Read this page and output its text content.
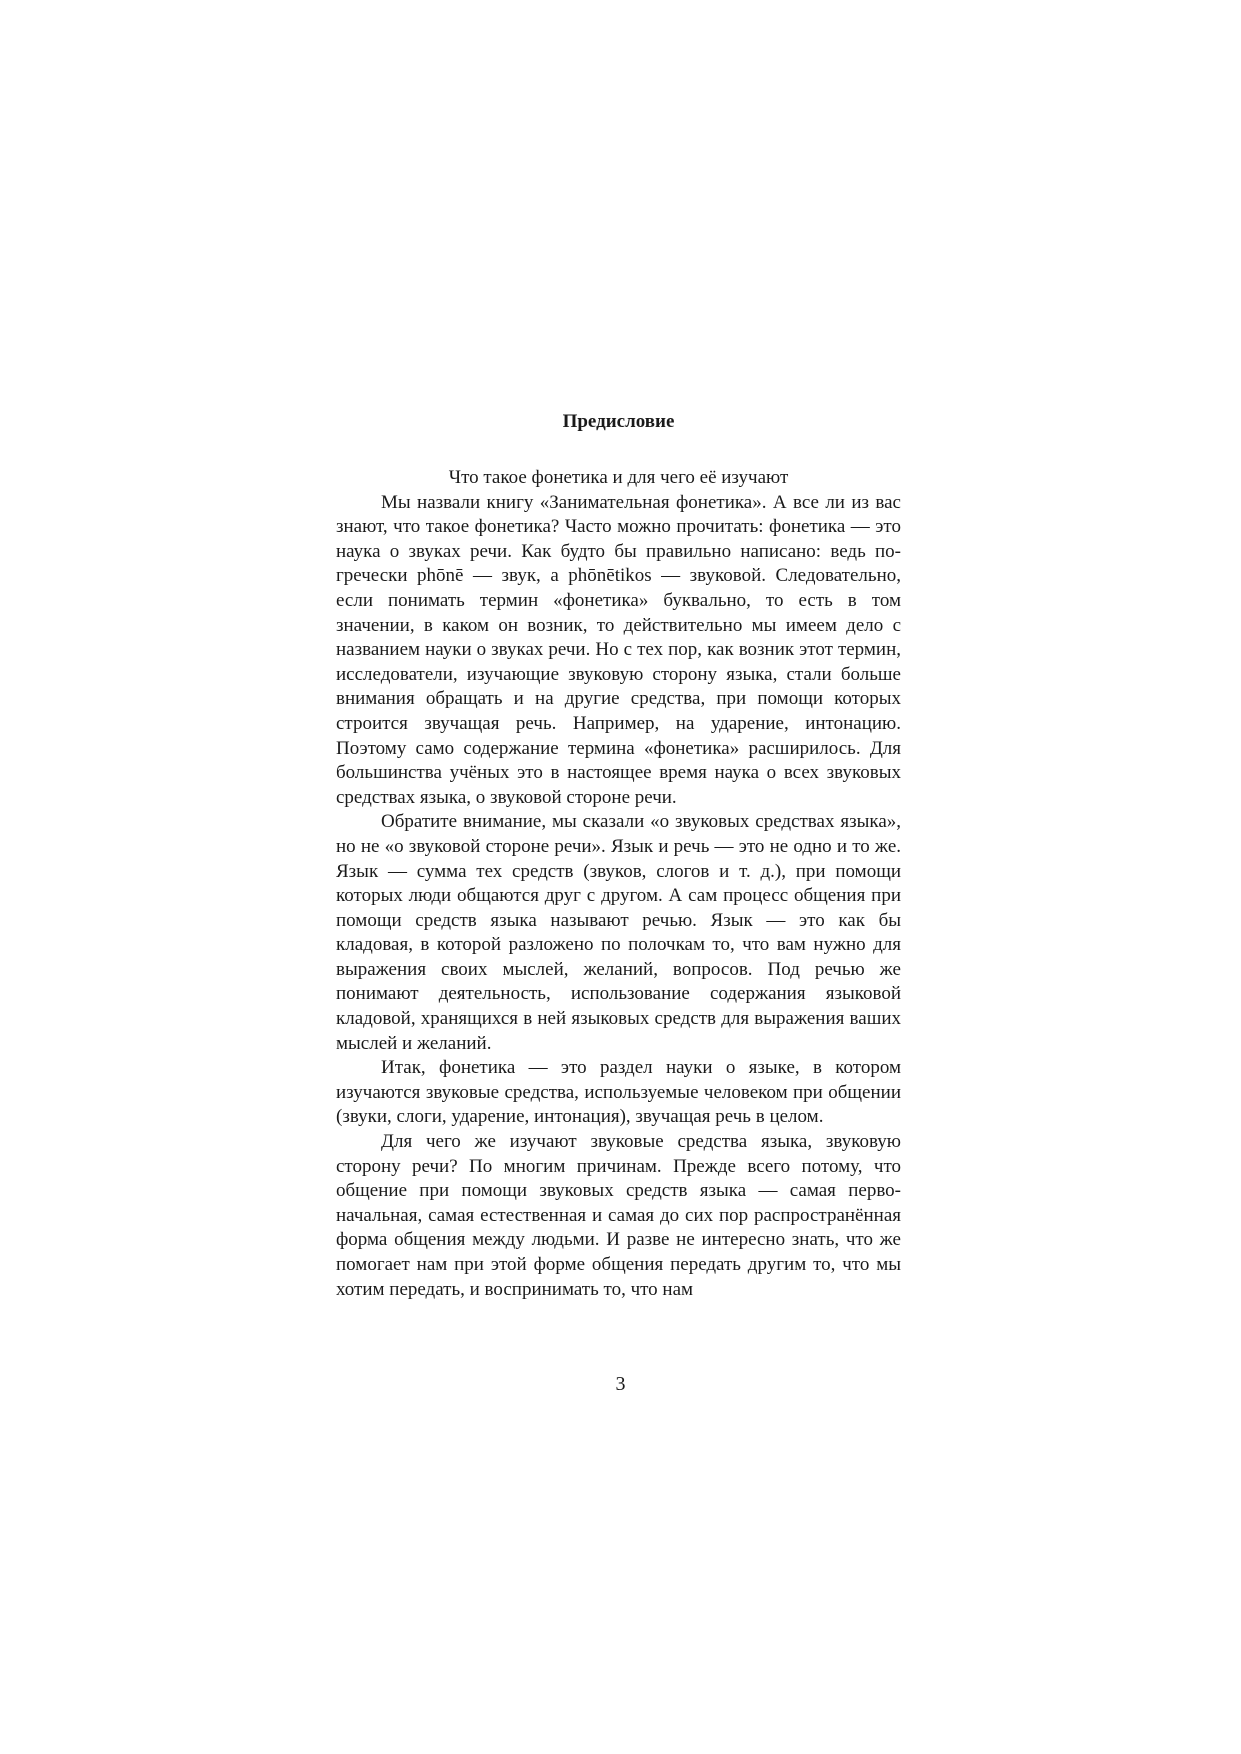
Предисловие

Что такое фонетика и для чего её изучают

Мы назвали книгу «Занимательная фонетика». А все ли из вас знают, что такое фонетика? Часто можно прочитать: фонетика — это наука о звуках речи. Как будто бы правильно написано: ведь по-гречески phōnē — звук, а phōnētikos — звуковой. Следовательно, если понимать термин «фонетика» буквально, то есть в том значении, в каком он возник, то действительно мы имеем дело с названием науки о звуках речи. Но с тех пор, как возник этот термин, исследователи, изучающие звуковую сторону языка, стали больше внимания обращать и на другие средства, при помощи которых строится звучащая речь. Например, на ударение, интонацию. Поэтому само содержание термина «фонетика» расширилось. Для большинства учёных это в настоящее время наука о всех звуковых средствах языка, о звуковой стороне речи.

Обратите внимание, мы сказали «о звуковых средствах языка», но не «о звуковой стороне речи». Язык и речь — это не одно и то же. Язык — сумма тех средств (звуков, слогов и т. д.), при помощи которых люди общаются друг с другом. А сам процесс общения при помощи средств языка называют речью. Язык — это как бы кладовая, в которой разложено по полочкам то, что вам нужно для выражения своих мыслей, желаний, вопросов. Под речью же понимают деятельность, использование содержания языковой кладовой, хранящихся в ней языковых средств для выражения ваших мыслей и желаний.

Итак, фонетика — это раздел науки о языке, в котором изучаются звуковые средства, используемые человеком при общении (звуки, слоги, ударение, интонация), звучащая речь в целом.

Для чего же изучают звуковые средства языка, звуковую сторону речи? По многим причинам. Прежде всего потому, что общение при помощи звуковых средств языка — самая первоначальная, самая естественная и самая до сих пор распространённая форма общения между людьми. И разве не интересно знать, что же помогает нам при этой форме общения передать другим то, что мы хотим передать, и воспринимать то, что нам

3
